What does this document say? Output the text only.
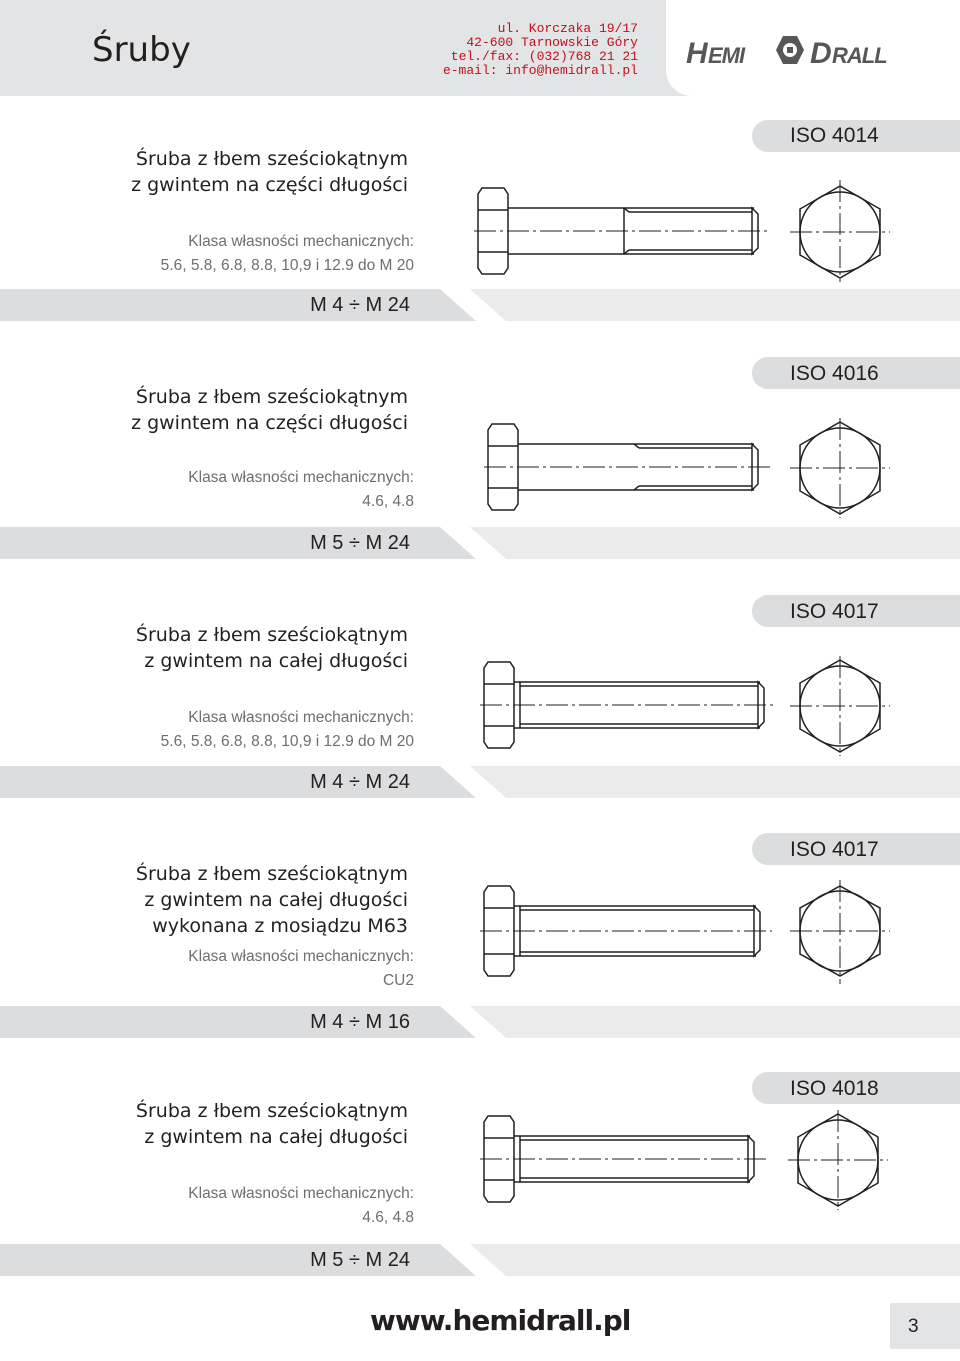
Śruby
ul. Korczaka 19/17
42-600 Tarnowskie Góry
tel./fax: (032)768 21 21
e-mail: info@hemidrall.pl
H EMI D RALL
ISO 4014
Śruba z łbem sześciokątnym
z gwintem na części długości
Klasa własności mechanicznych:
5.6, 5.8, 6.8, 8.8, 10,9 i 12.9 do M 20
M 4 ÷ M 24
ISO 4016
Śruba z łbem sześciokątnym
z gwintem na części długości
Klasa własności mechanicznych:
4.6, 4.8
M 5 ÷ M 24
ISO 4017
Śruba z łbem sześciokątnym
z gwintem na całej długości
Klasa własności mechanicznych:
5.6, 5.8, 6.8, 8.8, 10,9 i 12.9 do M 20
M 4 ÷ M 24
ISO 4017
Śruba z łbem sześciokątnym
z gwintem na całej długości
wykonana z mosiądzu M63
Klasa własności mechanicznych:
CU2
M 4 ÷ M 16
ISO 4018
Śruba z łbem sześciokątnym
z gwintem na całej długości
Klasa własności mechanicznych:
4.6, 4.8
M 5 ÷ M 24
www.hemidrall.pl	3
